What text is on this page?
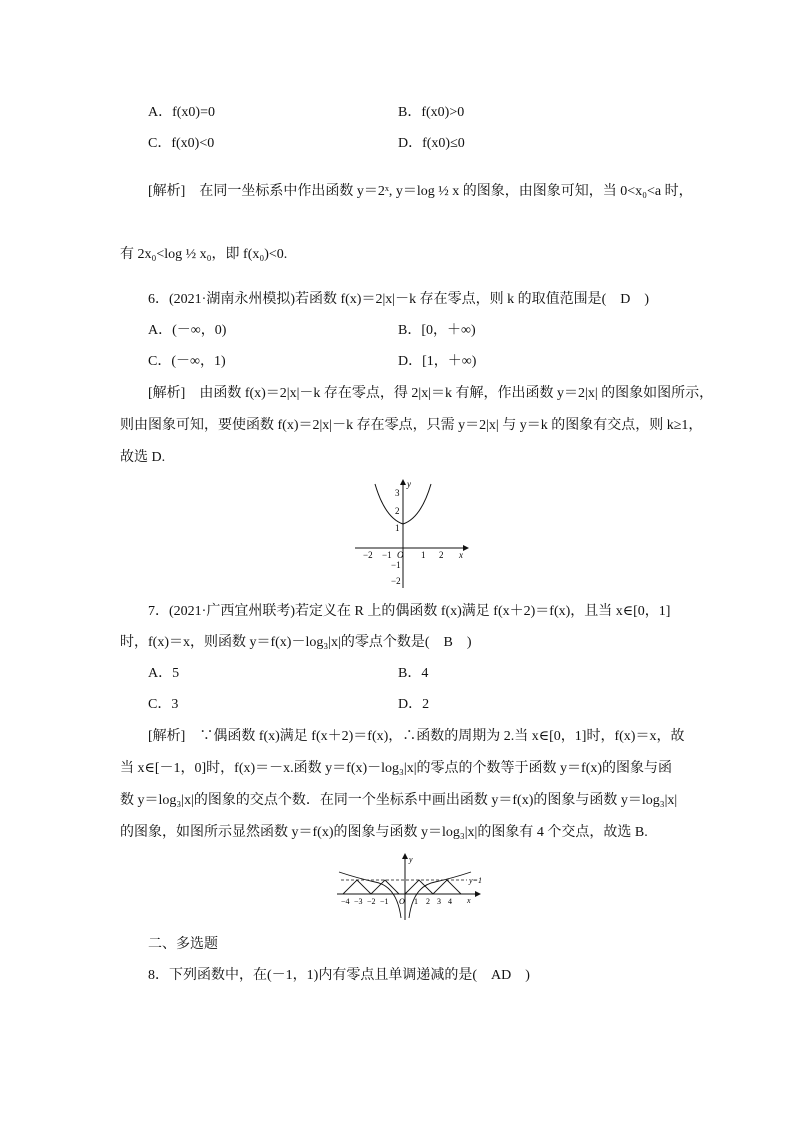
A．f(x0)=0	B．f(x0)>0
C．f(x0)<0	D．f(x0)≤0
[解析]　在同一坐标系中作出函数 y＝2ˣ, y＝log ½ x 的图象，由图象可知，当 0<x₀<a 时，
有 2x₀<log ½ x₀，即 f(x₀)<0.
6．(2021·湖南永州模拟)若函数 f(x)＝2|x|－k 存在零点，则 k 的取值范围是(　D　)
A．(－∞，0)	B．[0，＋∞)
C．(－∞，1)	D．[1，＋∞)
[解析]　由函数 f(x)＝2|x|－k 存在零点，得 2|x|＝k 有解，作出函数 y＝2|x| 的图象如图所示，
则由图象可知，要使函数 f(x)＝2|x|－k 存在零点，只需 y＝2|x| 与 y＝k 的图象有交点，则 k≥1，
故选 D.
y
x
O
−2 −1	1 2
3
2
1
−1
−2
7．(2021·广西宜州联考)若定义在 R 上的偶函数 f(x)满足 f(x＋2)＝f(x)，且当 x∈[0，1]
时，f(x)＝x，则函数 y＝f(x)－log₃|x|的零点个数是(　B　)
A．5	B．4
C．3	D．2
[解析]　∵偶函数 f(x)满足 f(x＋2)＝f(x)，∴函数的周期为 2.当 x∈[0，1]时，f(x)＝x，故
当 x∈[－1，0]时，f(x)＝－x.函数 y＝f(x)－log₃|x|的零点的个数等于函数 y＝f(x)的图象与函
数 y＝log₃|x|的图象的交点个数．在同一个坐标系中画出函数 y＝f(x)的图象与函数 y＝log₃|x|
的图象，如图所示显然函数 y＝f(x)的图象与函数 y＝log₃|x|的图象有 4 个交点，故选 B.
y
x
y=1
O
−4 −3 −2 −1	1 2 3 4
二、多选题
8．下列函数中，在(－1，1)内有零点且单调递减的是(　AD　)
